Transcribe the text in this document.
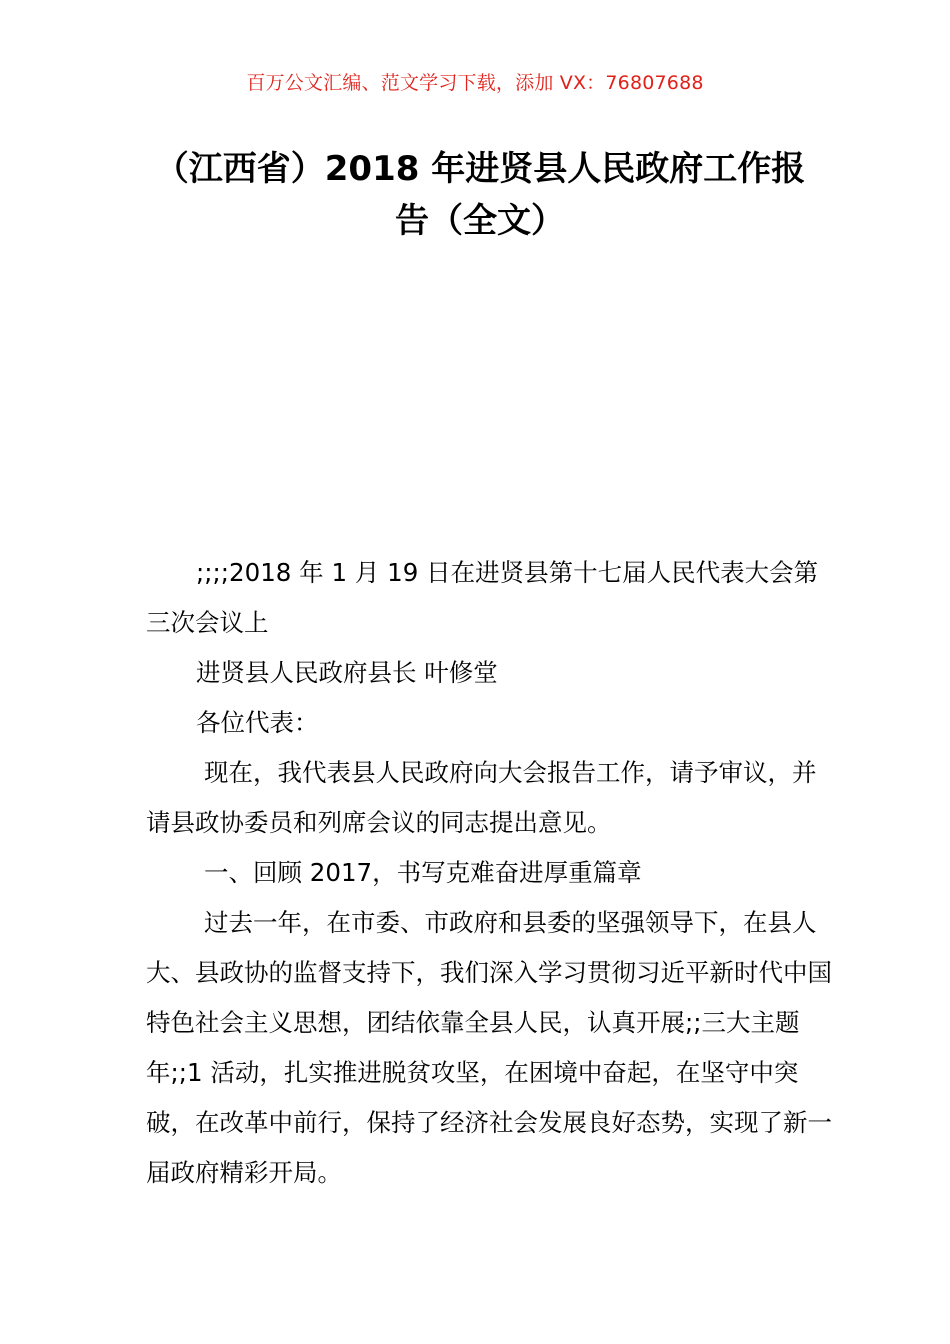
百万公文汇编、范文学习下载，添加 VX：76807688
（江西省）2018 年进贤县人民政府工作报告（全文）

;;;;2018 年 1 月 19 日在进贤县第十七届人民代表大会第三次会议上

进贤县人民政府县长 叶修堂

各位代表：

现在，我代表县人民政府向大会报告工作，请予审议，并请县政协委员和列席会议的同志提出意见。

一、回顾 2017，书写克难奋进厚重篇章

过去一年，在市委、市政府和县委的坚强领导下，在县人大、县政协的监督支持下，我们深入学习贯彻习近平新时代中国特色社会主义思想，团结依靠全县人民，认真开展;;三大主题年;;1 活动，扎实推进脱贫攻坚，在困境中奋起，在坚守中突破，在改革中前行，保持了经济社会发展良好态势，实现了新一届政府精彩开局。
